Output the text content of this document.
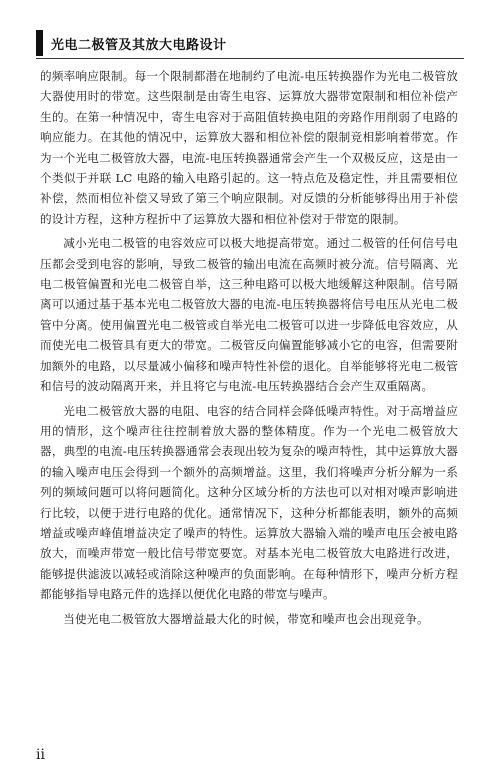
光电二极管及其放大电路设计

的频率响应限制。每一个限制都潜在地制约了电流-电压转换器作为光电二极管放大器使用时的带宽。这些限制是由寄生电容、运算放大器带宽限制和相位补偿产生的。在第一种情况中，寄生电容对于高阻值转换电阻的旁路作用削弱了电路的响应能力。在其他的情况中，运算放大器和相位补偿的限制竞相影响着带宽。作为一个光电二极管放大器，电流-电压转换器通常会产生一个双极反应，这是由一个类似于并联 LC 电路的输入电路引起的。这一特点危及稳定性，并且需要相位补偿，然而相位补偿又导致了第三个响应限制。对反馈的分析能够得出用于补偿的设计方程，这种方程折中了运算放大器和相位补偿对于带宽的限制。

减小光电二极管的电容效应可以极大地提高带宽。通过二极管的任何信号电压都会受到电容的影响，导致二极管的输出电流在高频时被分流。信号隔离、光电二极管偏置和光电二极管自举，这三种电路可以极大地缓解这种限制。信号隔离可以通过基于基本光电二极管放大器的电流-电压转换器将信号电压从光电二极管中分离。使用偏置光电二极管或自举光电二极管可以进一步降低电容效应，从而使光电二极管具有更大的带宽。二极管反向偏置能够减小它的电容，但需要附加额外的电路，以尽量减小偏移和噪声特性补偿的退化。自举能够将光电二极管和信号的波动隔离开来，并且将它与电流-电压转换器结合会产生双重隔离。

光电二极管放大器的电阻、电容的结合同样会降低噪声特性。对于高增益应用的情形，这个噪声往往控制着放大器的整体精度。作为一个光电二极管放大器，典型的电流-电压转换器通常会表现出较为复杂的噪声特性，其中运算放大器的输入噪声电压会得到一个额外的高频增益。这里，我们将噪声分析分解为一系列的频域问题可以将问题简化。这种分区域分析的方法也可以对相对噪声影响进行比较，以便于进行电路的优化。通常情况下，这种分析都能表明，额外的高频增益或噪声峰值增益决定了噪声的特性。运算放大器输入端的噪声电压会被电路放大，而噪声带宽一般比信号带宽要宽。对基本光电二极管放大电路进行改进，能够提供滤波以减轻或消除这种噪声的负面影响。在每种情形下，噪声分析方程都能够指导电路元件的选择以便优化电路的带宽与噪声。

当使光电二极管放大器增益最大化的时候，带宽和噪声也会出现竞争。

ii
